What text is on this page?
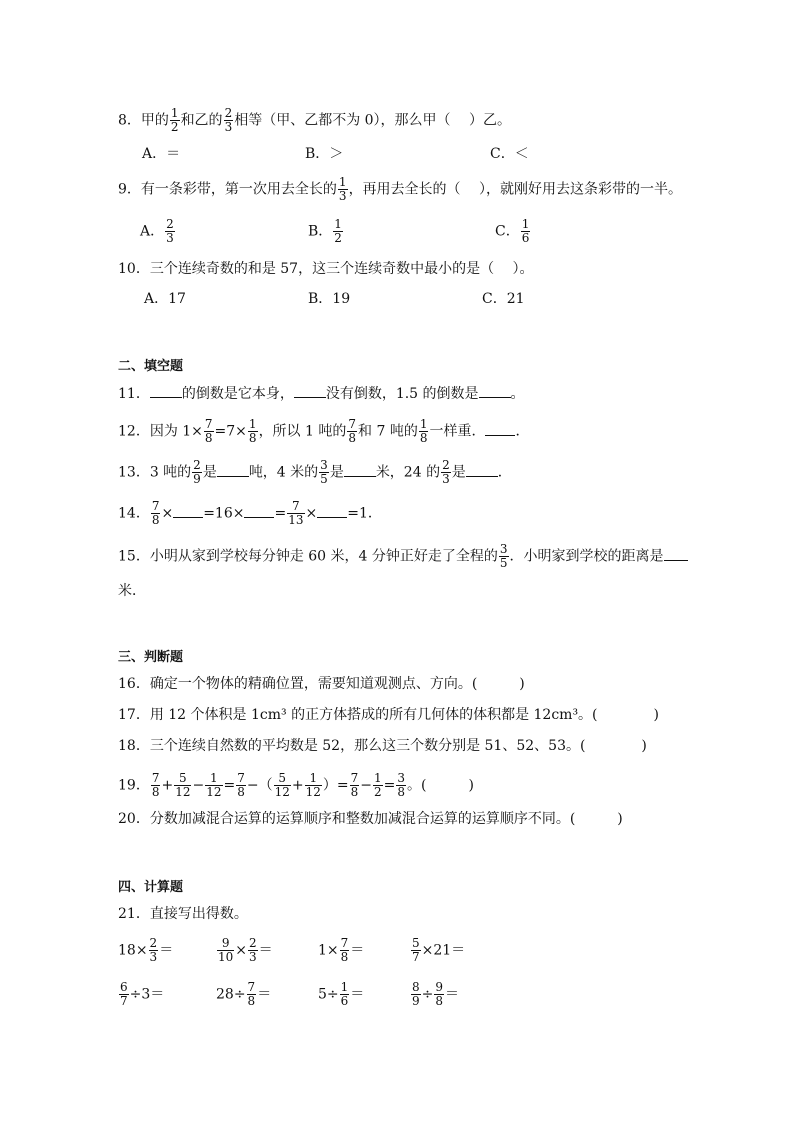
8．甲的 $\frac{1}{2}$ 和乙的 $\frac{2}{3}$ 相等（甲、乙都不为 0），那么甲（　 ）乙。
A．＝	B．＞	C．＜
9．有一条彩带，第一次用去全长的 $\frac{1}{3}$ ，再用去全长的（　 ），就刚好用去这条彩带的一半。
A． $\frac{2}{3}$	B． $\frac{1}{2}$	C． $\frac{1}{6}$
10．三个连续奇数的和是 57，这三个连续奇数中最小的是（　 ）。
A．17	B．19	C．21
二、填空题
11． 的倒数是它本身， 没有倒数，1.5 的倒数是 。
12．因为 $1\times \frac{7}{8} =7\times \frac{1}{8}$ ，所以 1 吨的 $\frac{7}{8}$ 和 7 吨的 $\frac{1}{8}$ 一样重． ．
13．3 吨的 $\frac{2}{9}$ 是 吨，4 米的 $\frac{3}{5}$ 是 米，24 的 $\frac{2}{3}$ 是 ．
14． $\frac{7}{8} \times =16\times = \frac{7}{13} \times =1$．
15．小明从家到学校每分钟走 60 米，4 分钟正好走了全程的 $\frac{3}{5}$ ．小明家到学校的距离是
米．
三、判断题
16．确定一个物体的精确位置，需要知道观测点、方向。(　　　)
17．用 12 个体积是 1cm³ 的正方体搭成的所有几何体的体积都是 12cm³。(　　　　)
18．三个连续自然数的平均数是 52，那么这三个数分别是 51、52、53。(　　　　)
19． $\frac{7}{8} + \frac{5}{12} - \frac{1}{12} = \frac{7}{8}$ −（ $\frac{5}{12} + \frac{1}{12}$ ）= $\frac{7}{8} - \frac{1}{2} = \frac{3}{8}$ 。(　　　)
20．分数加减混合运算的运算顺序和整数加减混合运算的运算顺序不同。(　　　)
四、计算题
21．直接写出得数。
$18\times \frac{2}{3}$ ＝	$\frac{9}{10} \times \frac{2}{3}$ ＝	$1\times \frac{7}{8}$ ＝	$\frac{5}{7} \times 21=$
$\frac{6}{7} \div 3=$	$28\div \frac{7}{8}$ ＝	$5\div \frac{1}{6}$ ＝	$\frac{8}{9} \div \frac{9}{8}$ ＝
